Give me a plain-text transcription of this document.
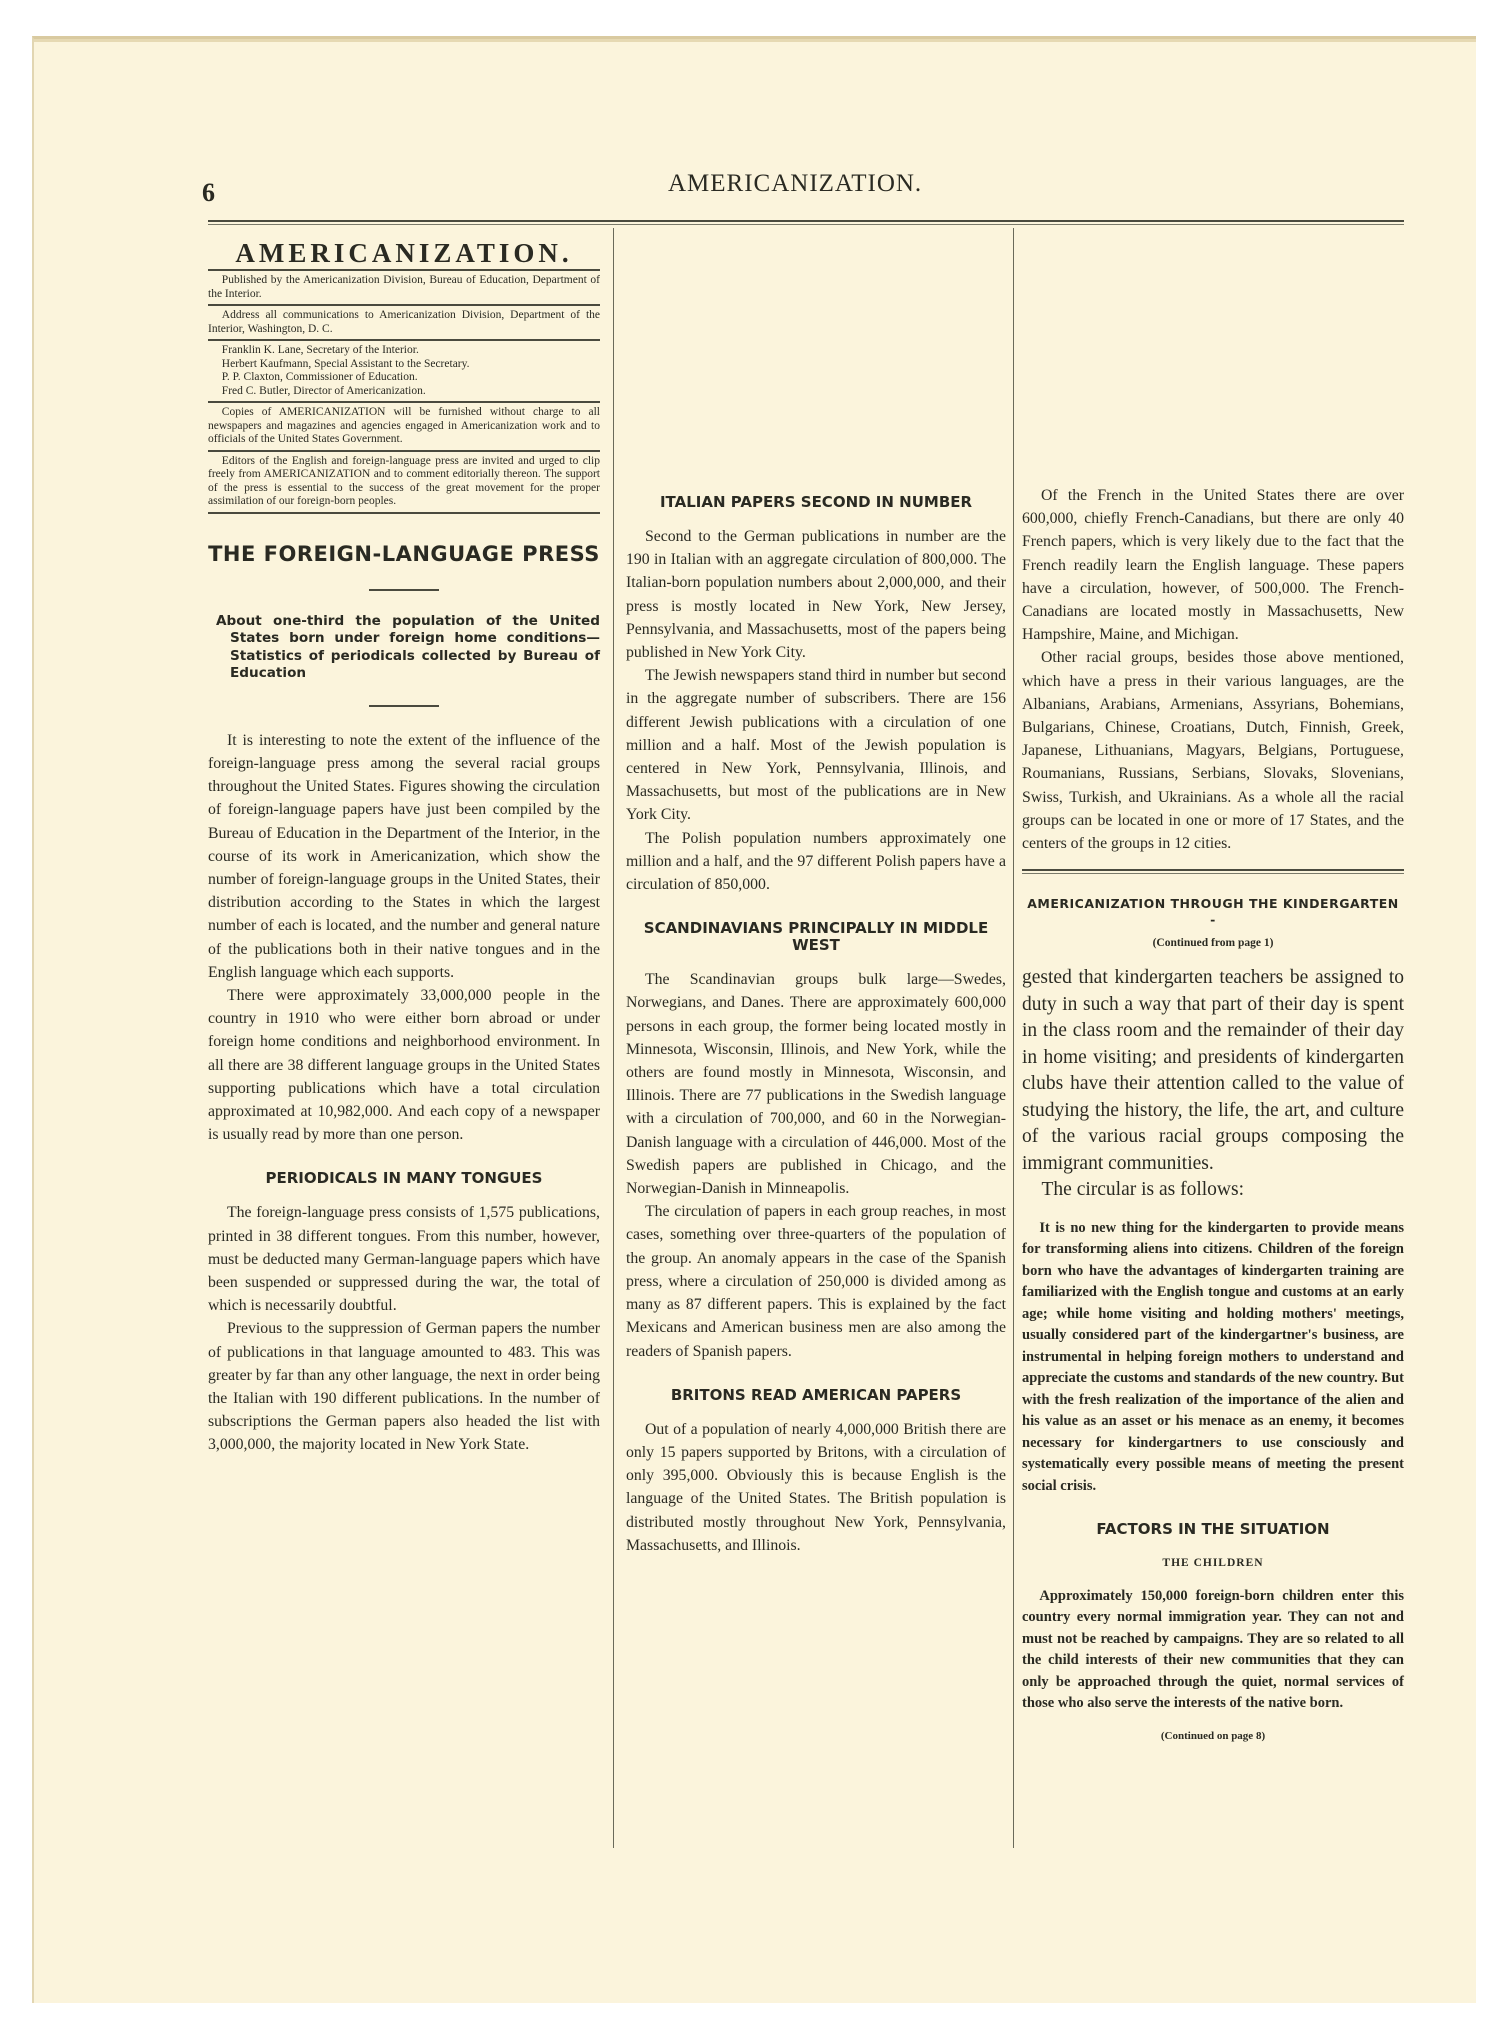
6	AMERICANIZATION.
AMERICANIZATION.

Published by the Americanization Division, Bureau of Education, Department of the Interior.

Address all communications to Americanization Division, Department of the Interior, Washington, D. C.

Franklin K. Lane, Secretary of the Interior.

Herbert Kaufmann, Special Assistant to the Secretary.

P. P. Claxton, Commissioner of Education.

Fred C. Butler, Director of Americanization.

Copies of AMERICANIZATION will be furnished without charge to all newspapers and magazines and agencies engaged in Americanization work and to officials of the United States Government.

Editors of the English and foreign-language press are invited and urged to clip freely from AMERICANIZATION and to comment editorially thereon. The support of the press is essential to the success of the great movement for the proper assimilation of our foreign-born peoples.

THE FOREIGN-LANGUAGE PRESS
About one-third the population of the United States born under foreign home conditions—Statistics of periodicals collected by Bureau of Education

It is interesting to note the extent of the influence of the foreign-language press among the several racial groups throughout the United States. Figures showing the circulation of foreign-language papers have just been compiled by the Bureau of Education in the Department of the Interior, in the course of its work in Americanization, which show the number of foreign-language groups in the United States, their distribution according to the States in which the largest number of each is located, and the number and general nature of the publications both in their native tongues and in the English language which each supports.

There were approximately 33,000,000 people in the country in 1910 who were either born abroad or under foreign home conditions and neighborhood environment. In all there are 38 different language groups in the United States supporting publications which have a total circulation approximated at 10,982,000. And each copy of a newspaper is usually read by more than one person.

PERIODICALS IN MANY TONGUES

The foreign-language press consists of 1,575 publications, printed in 38 different tongues. From this number, however, must be deducted many German-language papers which have been suspended or suppressed during the war, the total of which is necessarily doubtful.

Previous to the suppression of German papers the number of publications in that language amounted to 483. This was greater by far than any other language, the next in order being the Italian with 190 different publications. In the number of subscriptions the German papers also headed the list with 3,000,000, the majority located in New York State.

ITALIAN PAPERS SECOND IN NUMBER

Second to the German publications in number are the 190 in Italian with an aggregate circulation of 800,000. The Italian-born population numbers about 2,000,000, and their press is mostly located in New York, New Jersey, Pennsylvania, and Massachusetts, most of the papers being published in New York City.

The Jewish newspapers stand third in number but second in the aggregate number of subscribers. There are 156 different Jewish publications with a circulation of one million and a half. Most of the Jewish population is centered in New York, Pennsylvania, Illinois, and Massachusetts, but most of the publications are in New York City.

The Polish population numbers approximately one million and a half, and the 97 different Polish papers have a circulation of 850,000.

SCANDINAVIANS PRINCIPALLY IN MIDDLE WEST

The Scandinavian groups bulk large—Swedes, Norwegians, and Danes. There are approximately 600,000 persons in each group, the former being located mostly in Minnesota, Wisconsin, Illinois, and New York, while the others are found mostly in Minnesota, Wisconsin, and Illinois. There are 77 publications in the Swedish language with a circulation of 700,000, and 60 in the Norwegian-Danish language with a circulation of 446,000. Most of the Swedish papers are published in Chicago, and the Norwegian-Danish in Minneapolis.

The circulation of papers in each group reaches, in most cases, something over three-quarters of the population of the group. An anomaly appears in the case of the Spanish press, where a circulation of 250,000 is divided among as many as 87 different papers. This is explained by the fact Mexicans and American business men are also among the readers of Spanish papers.

BRITONS READ AMERICAN PAPERS

Out of a population of nearly 4,000,000 British there are only 15 papers supported by Britons, with a circulation of only 395,000. Obviously this is because English is the language of the United States. The British population is distributed mostly throughout New York, Pennsylvania, Massachusetts, and Illinois.

Of the French in the United States there are over 600,000, chiefly French-Canadians, but there are only 40 French papers, which is very likely due to the fact that the French readily learn the English language. These papers have a circulation, however, of 500,000. The French-Canadians are located mostly in Massachusetts, New Hampshire, Maine, and Michigan.

Other racial groups, besides those above mentioned, which have a press in their various languages, are the Albanians, Arabians, Armenians, Assyrians, Bohemians, Bulgarians, Chinese, Croatians, Dutch, Finnish, Greek, Japanese, Lithuanians, Magyars, Belgians, Portuguese, Roumanians, Russians, Serbians, Slovaks, Slovenians, Swiss, Turkish, and Ukrainians. As a whole all the racial groups can be located in one or more of 17 States, and the centers of the groups in 12 cities.

AMERICANIZATION THROUGH THE KINDERGARTEN -
(Continued from page 1)

gested that kindergarten teachers be assigned to duty in such a way that part of their day is spent in the class room and the remainder of their day in home visiting; and presidents of kindergarten clubs have their attention called to the value of studying the history, the life, the art, and culture of the various racial groups composing the immigrant communities.

The circular is as follows:

It is no new thing for the kindergarten to provide means for transforming aliens into citizens. Children of the foreign born who have the advantages of kindergarten training are familiarized with the English tongue and customs at an early age; while home visiting and holding mothers' meetings, usually considered part of the kindergartner's business, are instrumental in helping foreign mothers to understand and appreciate the customs and standards of the new country. But with the fresh realization of the importance of the alien and his value as an asset or his menace as an enemy, it becomes necessary for kindergartners to use consciously and systematically every possible means of meeting the present social crisis.

FACTORS IN THE SITUATION
THE CHILDREN

Approximately 150,000 foreign-born children enter this country every normal immigration year. They can not and must not be reached by campaigns. They are so related to all the child interests of their new communities that they can only be approached through the quiet, normal services of those who also serve the interests of the native born.

(Continued on page 8)
